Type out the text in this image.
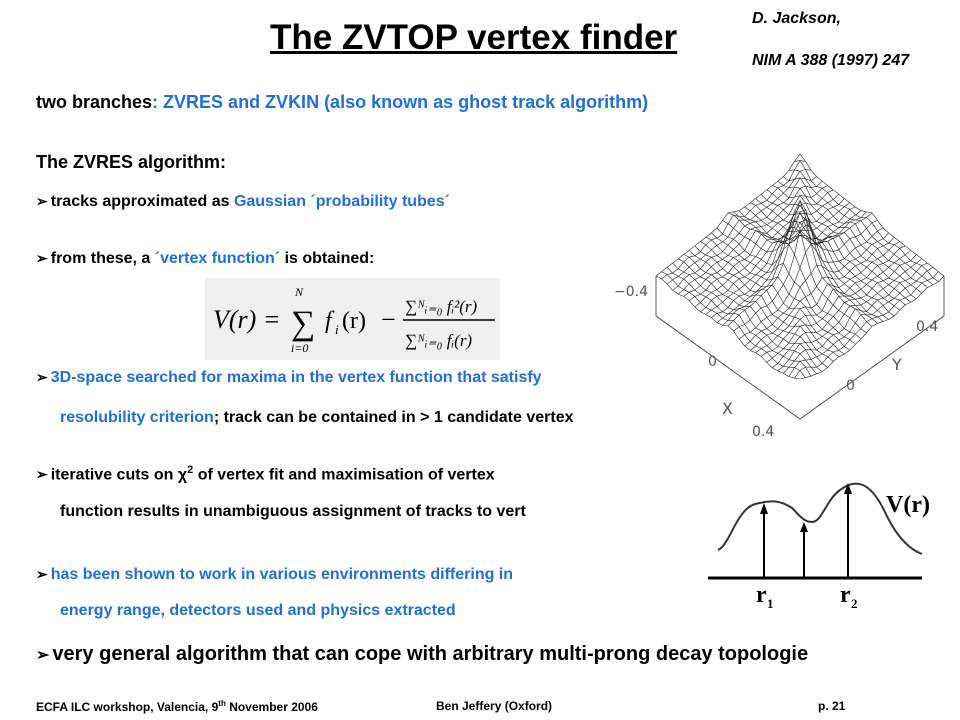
The ZVTOP vertex finder	D. Jackson,
NIM A 388 (1997) 247
two branches: ZVRES and ZVKIN (also known as ghost track algorithm)
The ZVRES algorithm:
➢ tracks approximated as Gaussian ´probability tubes´
➢ from these, a ´vertex function´ is obtained:
V(r) =
N
∑
i=0
f i (r) − ∑ᴺᵢ₌₀ fᵢ²(r)
∑ᴺᵢ₌₀ fᵢ(r)
➢ 3D-space searched for maxima in the vertex function that satisfy
resolubility criterion; track can be contained in > 1 candidate vertex
➢ iterative cuts on $\chi^2$ of vertex fit and maximisation of vertex
function results in unambiguous assignment of tracks to vert
➢ has been shown to work in various environments differing in
energy range, detectors used and physics extracted
➢ very general algorithm that can cope with arbitrary multi-prong decay topologie
−0.4
0.4
0
0
Y
X
0.4
V(r)
r 1	r 2
ECFA ILC workshop, Valencia, 9th November 2006	Ben Jeffery (Oxford)	p. 21
